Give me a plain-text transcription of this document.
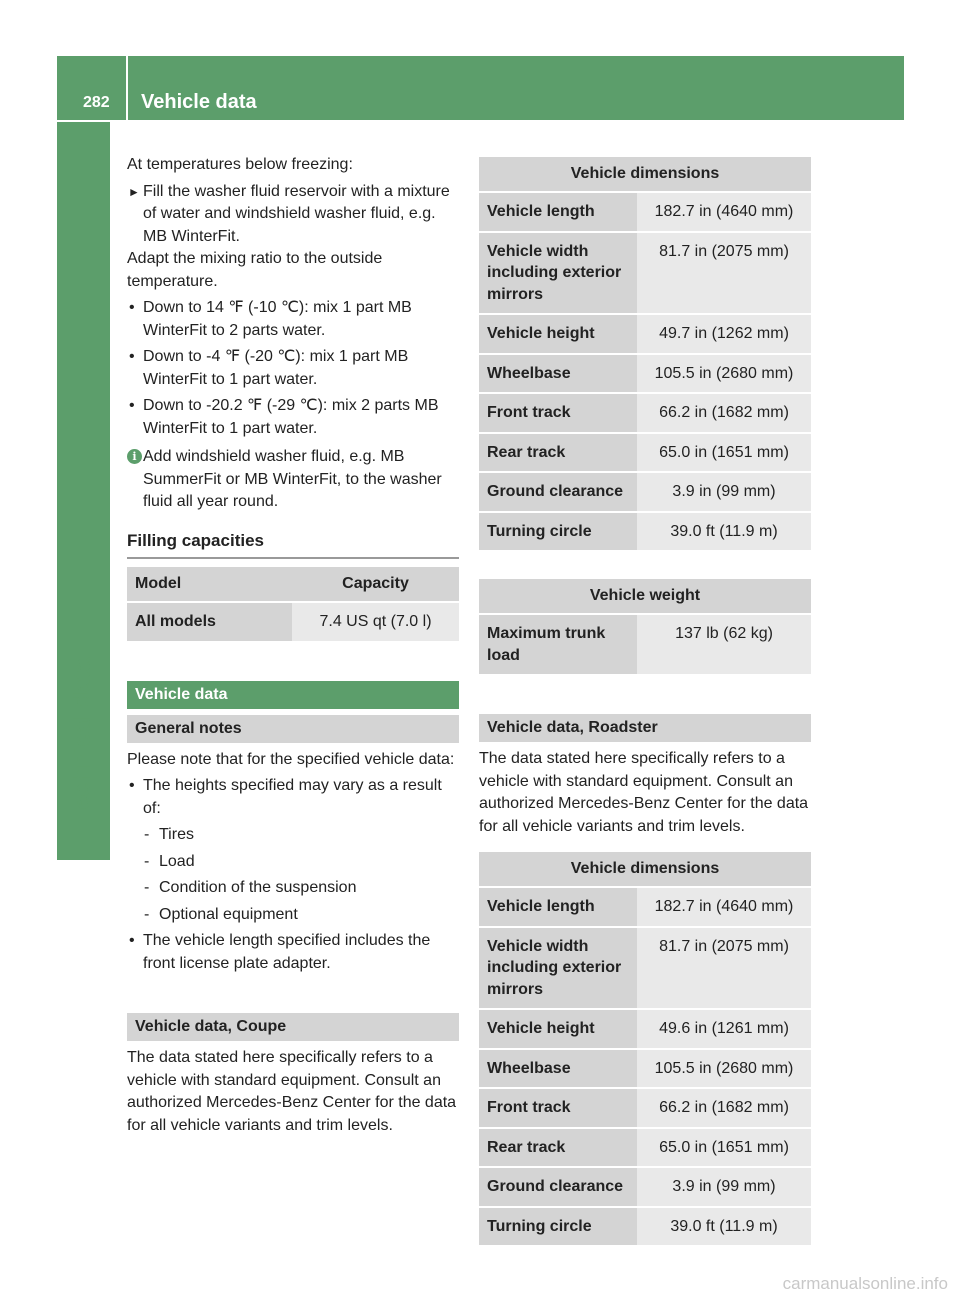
282 Vehicle data
Technical data

At temperatures below freezing:

► Fill the washer fluid reservoir with a mixture of water and windshield washer fluid, e.g. MB WinterFit.

Adapt the mixing ratio to the outside temperature.

• Down to 14 ℉ (‑10 ℃): mix 1 part MB WinterFit to 2 parts water.

• Down to ‑4 ℉ (‑20 ℃): mix 1 part MB WinterFit to 1 part water.

• Down to ‑20.2 ℉ (‑29 ℃): mix 2 parts MB WinterFit to 1 part water.

i Add windshield washer fluid, e.g. MB SummerFit or MB WinterFit, to the washer fluid all year round.

Filling capacities
Model	Capacity
All models	7.4 US qt (7.0 l)
Vehicle data
General notes

Please note that for the specified vehicle data:

• The heights specified may vary as a result of:

- Tires

- Load

- Condition of the suspension

- Optional equipment

• The vehicle length specified includes the front license plate adapter.

Vehicle data, Coupe

The data stated here specifically refers to a vehicle with standard equipment. Consult an authorized Mercedes-Benz Center for the data for all vehicle variants and trim levels.

Vehicle dimensions	
Vehicle length	182.7 in (4640 mm)
Vehicle width including exterior mirrors	81.7 in (2075 mm)
Vehicle height	49.7 in (1262 mm)
Wheelbase	105.5 in (2680 mm)
Front track	66.2 in (1682 mm)
Rear track	65.0 in (1651 mm)
Ground clearance	3.9 in (99 mm)
Turning circle	39.0 ft (11.9 m)
Vehicle weight
Maximum trunk load	137 lb (62 kg)
Vehicle data, Roadster

The data stated here specifically refers to a vehicle with standard equipment. Consult an authorized Mercedes-Benz Center for the data for all vehicle variants and trim levels.

Vehicle dimensions	
Vehicle length	182.7 in (4640 mm)
Vehicle width including exterior mirrors	81.7 in (2075 mm)
Vehicle height	49.6 in (1261 mm)
Wheelbase	105.5 in (2680 mm)
Front track	66.2 in (1682 mm)
Rear track	65.0 in (1651 mm)
Ground clearance	3.9 in (99 mm)
Turning circle	39.0 ft (11.9 m)
carmanualsonline.info
